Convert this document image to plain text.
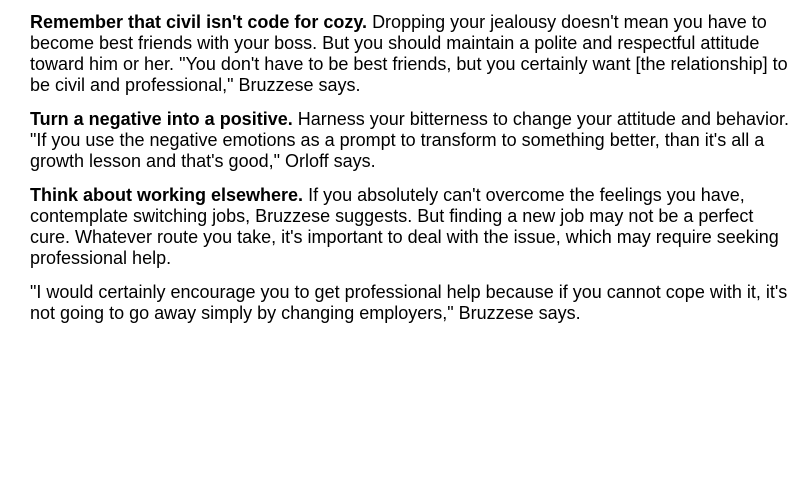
Remember that civil isn't code for cozy. Dropping your jealousy doesn't mean you have to become best friends with your boss. But you should maintain a polite and respectful attitude toward him or her. "You don't have to be best friends, but you certainly want [the relationship] to be civil and professional," Bruzzese says.

Turn a negative into a positive. Harness your bitterness to change your attitude and behavior. "If you use the negative emotions as a prompt to transform to something better, than it's all a growth lesson and that's good," Orloff says.

Think about working elsewhere. If you absolutely can't overcome the feelings you have, contemplate switching jobs, Bruzzese suggests. But finding a new job may not be a perfect cure. Whatever route you take, it's important to deal with the issue, which may require seeking professional help.

"I would certainly encourage you to get professional help because if you cannot cope with it, it's not going to go away simply by changing employers," Bruzzese says.
